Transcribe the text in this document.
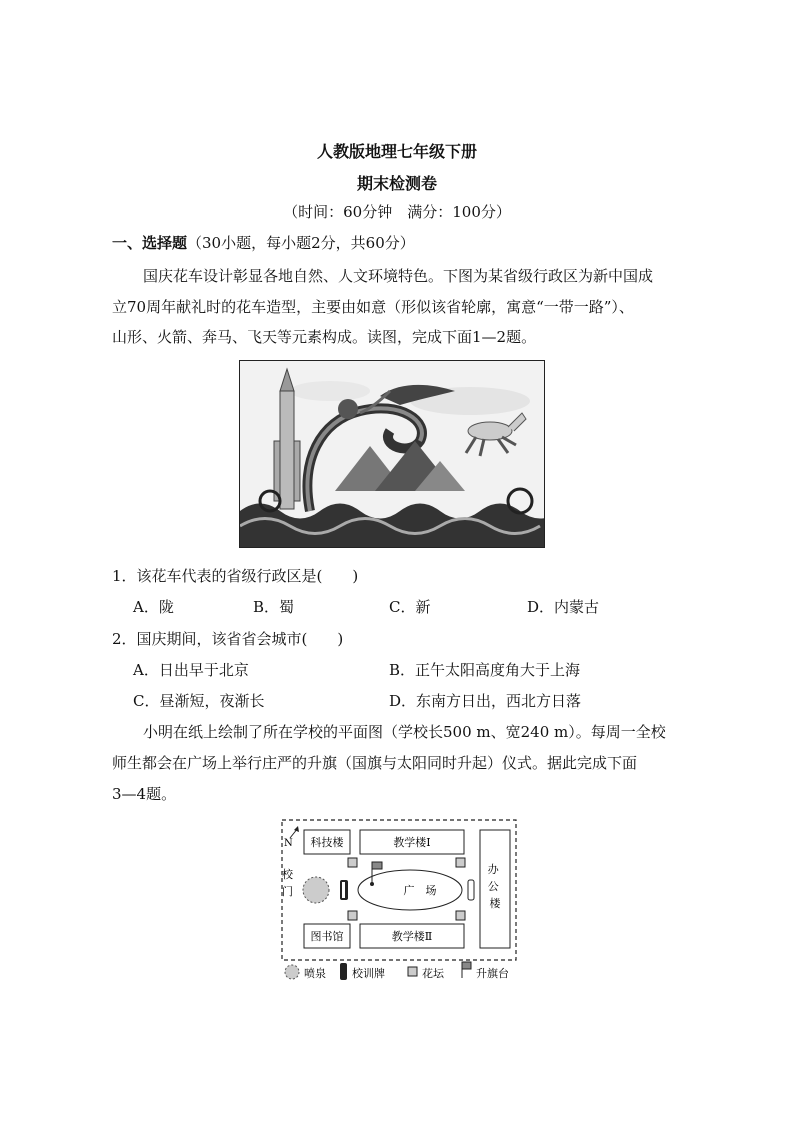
人教版地理七年级下册
期末检测卷
（时间：60分钟　满分：100分）
一、选择题（30小题，每小题2分，共60分）
国庆花车设计彰显各地自然、人文环境特色。下图为某省级行政区为新中国成
立70周年献礼时的花车造型，主要由如意（形似该省轮廓，寓意“一带一路”）、
山形、火箭、奔马、飞天等元素构成。读图，完成下面1—2题。
1．该花车代表的省级行政区是(　　)
A．陇	B．蜀	C．新	D．内蒙古
2．国庆期间，该省省会城市(　　)
A．日出早于北京	B．正午太阳高度角大于上海
C．昼渐短，夜渐长	D．东南方日出，西北方日落
小明在纸上绘制了所在学校的平面图（学校长500 m、宽240 m）。每周一全校
师生都会在广场上举行庄严的升旗（国旗与太阳同时升起）仪式。据此完成下面
3—4题。
N 科技楼	教学楼Ⅰ
图书馆	教学楼Ⅱ
办 公 楼
校 门	广　场
喷泉 校训牌	花坛	升旗台
